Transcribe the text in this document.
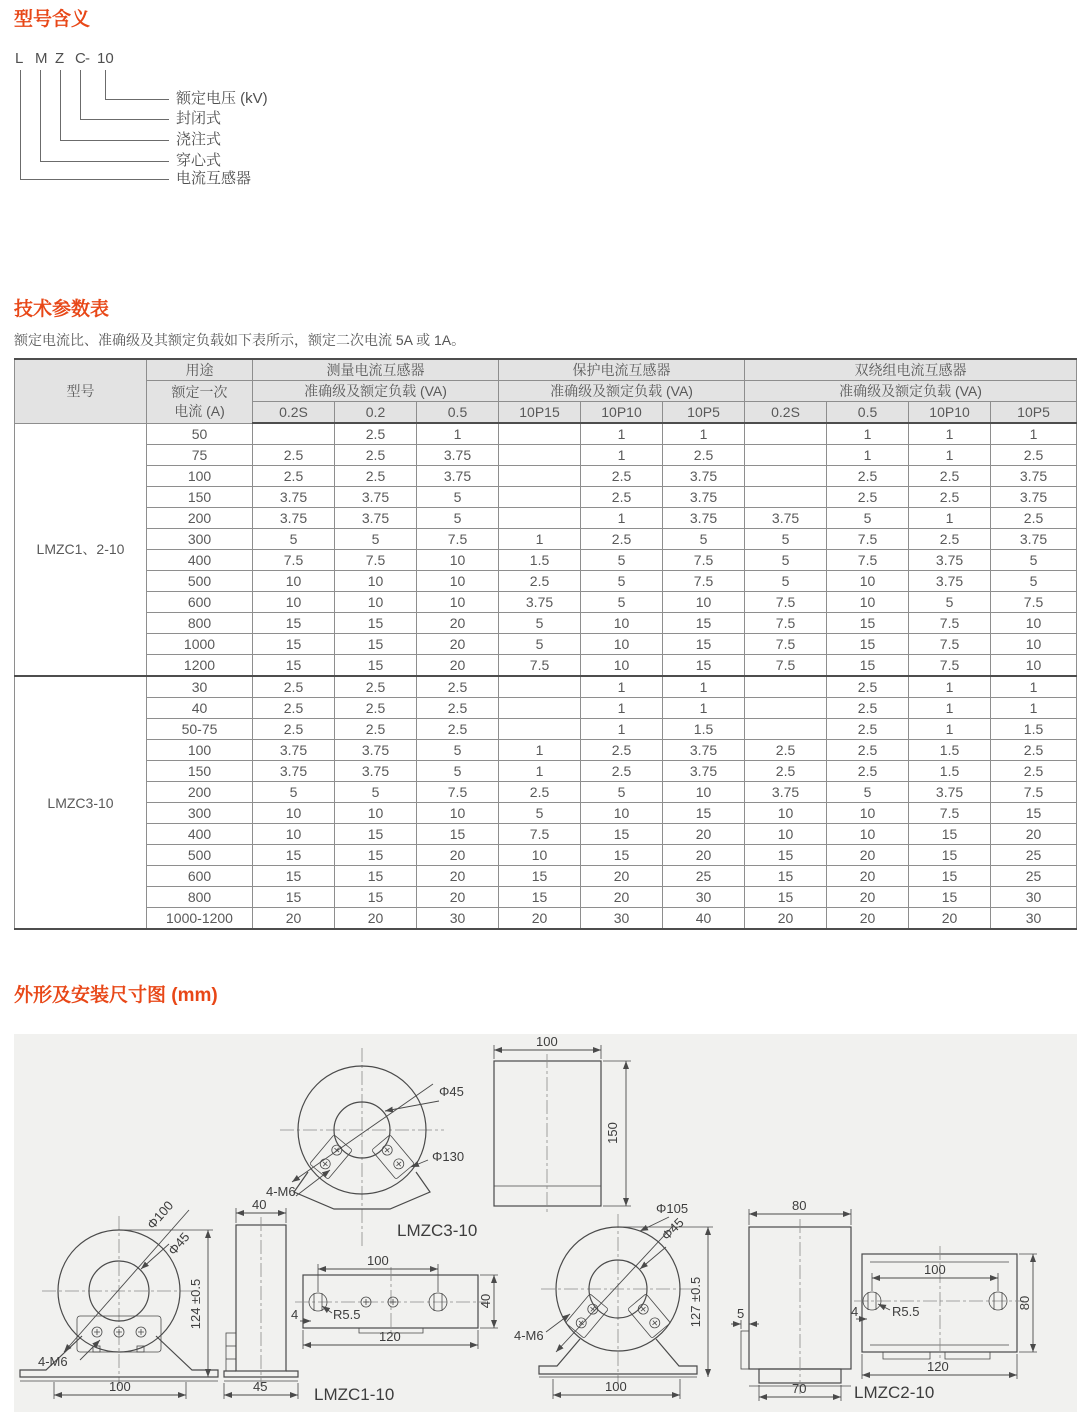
型号含义
L M Z C - 10
额定电压 (kV)
封闭式
浇注式
穿心式
电流互感器
技术参数表

额定电流比、准确级及其额定负载如下表所示，额定二次电流 5A 或 1A。

型号	用途	测量电流互感器			保护电流互感器			双绕组电流互感器			

	额定一次
电流 (A)	准确级及额定负载 (VA)			准确级及额定负载 (VA)			准确级及额定负载 (VA)			
		0.2S	0.2	0.5	10P15	10P10	10P5	0.2S	0.5	10P10	10P5
LMZC1、2-10	50		2.5	1		1	1		1	1	1
	75	2.5	2.5	3.75		1	2.5		1	1	2.5
	100	2.5	2.5	3.75		2.5	3.75		2.5	2.5	3.75
	150	3.75	3.75	5		2.5	3.75		2.5	2.5	3.75
	200	3.75	3.75	5		1	3.75	3.75	5	1	2.5
	300	5	5	7.5	1	2.5	5	5	7.5	2.5	3.75
	400	7.5	7.5	10	1.5	5	7.5	5	7.5	3.75	5
	500	10	10	10	2.5	5	7.5	5	10	3.75	5
	600	10	10	10	3.75	5	10	7.5	10	5	7.5
	800	15	15	20	5	10	15	7.5	15	7.5	10
	1000	15	15	20	5	10	15	7.5	15	7.5	10
	1200	15	15	20	7.5	10	15	7.5	15	7.5	10
LMZC3-10	30	2.5	2.5	2.5		1	1		2.5	1	1
	40	2.5	2.5	2.5		1	1		2.5	1	1
	50-75	2.5	2.5	2.5		1	1.5		2.5	1	1.5
	100	3.75	3.75	5	1	2.5	3.75	2.5	2.5	1.5	2.5
	150	3.75	3.75	5	1	2.5	3.75	2.5	2.5	1.5	2.5
	200	5	5	7.5	2.5	5	10	3.75	5	3.75	7.5
	300	10	10	10	5	10	15	10	10	7.5	15
	400	10	15	15	7.5	15	20	10	10	15	20
	500	15	15	20	10	15	20	15	20	15	25
	600	15	15	20	15	20	25	15	20	15	25
	800	15	15	20	15	20	30	15	20	15	30
	1000-1200	20	20	30	20	30	40	20	20	20	30
外形及安装尺寸图 (mm)
Φ45
Φ130
4-M6
LMZC3-10
100
150
Φ100
Φ45
124 ±0.5
100
4-M6
40
45
100
120
40
R5.5
4
LMZC1-10
Φ105
Φ45
127 ±0.5
100
4-M6
80
5
70
100
120
80
R5.5
4
LMZC2-10
